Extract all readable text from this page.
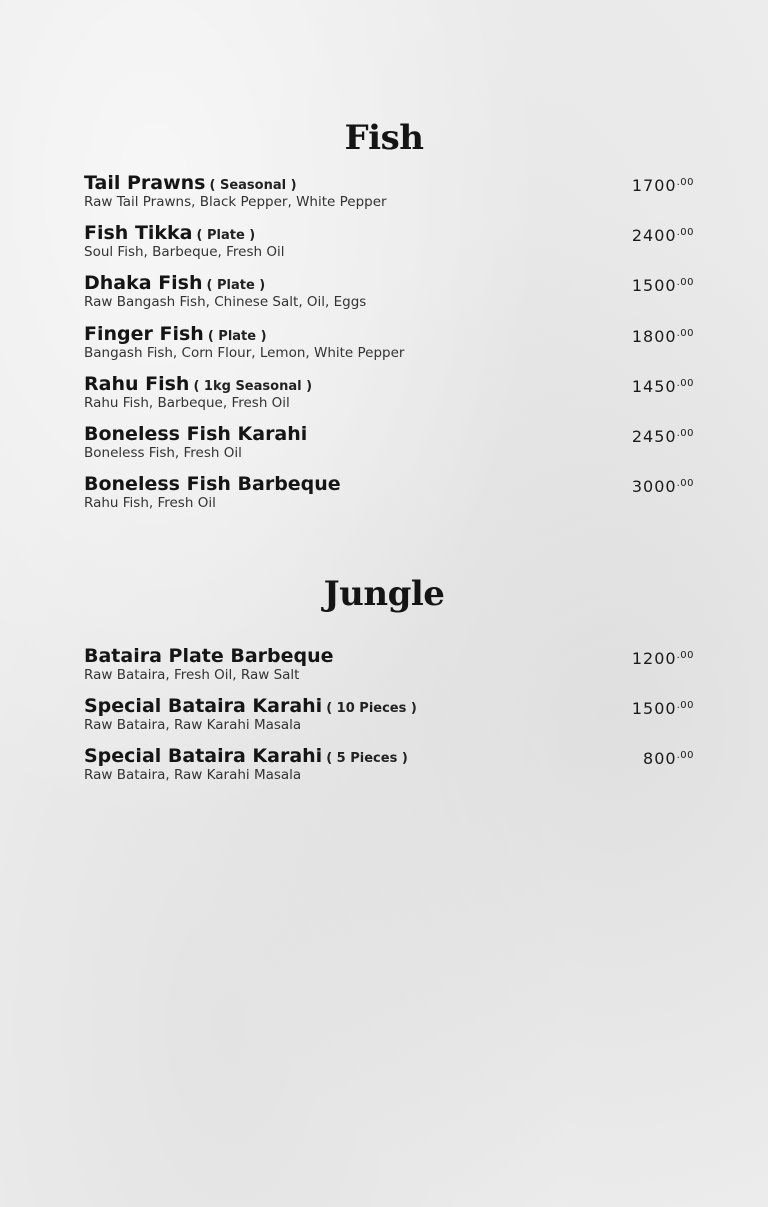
Fish
Tail Prawns ( Seasonal )
Raw Tail Prawns, Black Pepper, White Pepper
$1700^{.00}$
Fish Tikka ( Plate )
Soul Fish, Barbeque, Fresh Oil
$2400^{.00}$
Dhaka Fish ( Plate )
Raw Bangash Fish, Chinese Salt, Oil, Eggs
$1500^{.00}$
Finger Fish ( Plate )
Bangash Fish, Corn Flour, Lemon, White Pepper
$1800^{.00}$
Rahu Fish ( 1kg Seasonal )
Rahu Fish, Barbeque, Fresh Oil
$1450^{.00}$
Boneless Fish Karahi
Boneless Fish, Fresh Oil
$2450^{.00}$
Boneless Fish Barbeque
Rahu Fish, Fresh Oil
$3000^{.00}$
Jungle
Bataira Plate Barbeque
Raw Bataira, Fresh Oil, Raw Salt
$1200^{.00}$
Special Bataira Karahi ( 10 Pieces )
Raw Bataira, Raw Karahi Masala
$1500^{.00}$
Special Bataira Karahi ( 5 Pieces )
Raw Bataira, Raw Karahi Masala
$800^{.00}$
